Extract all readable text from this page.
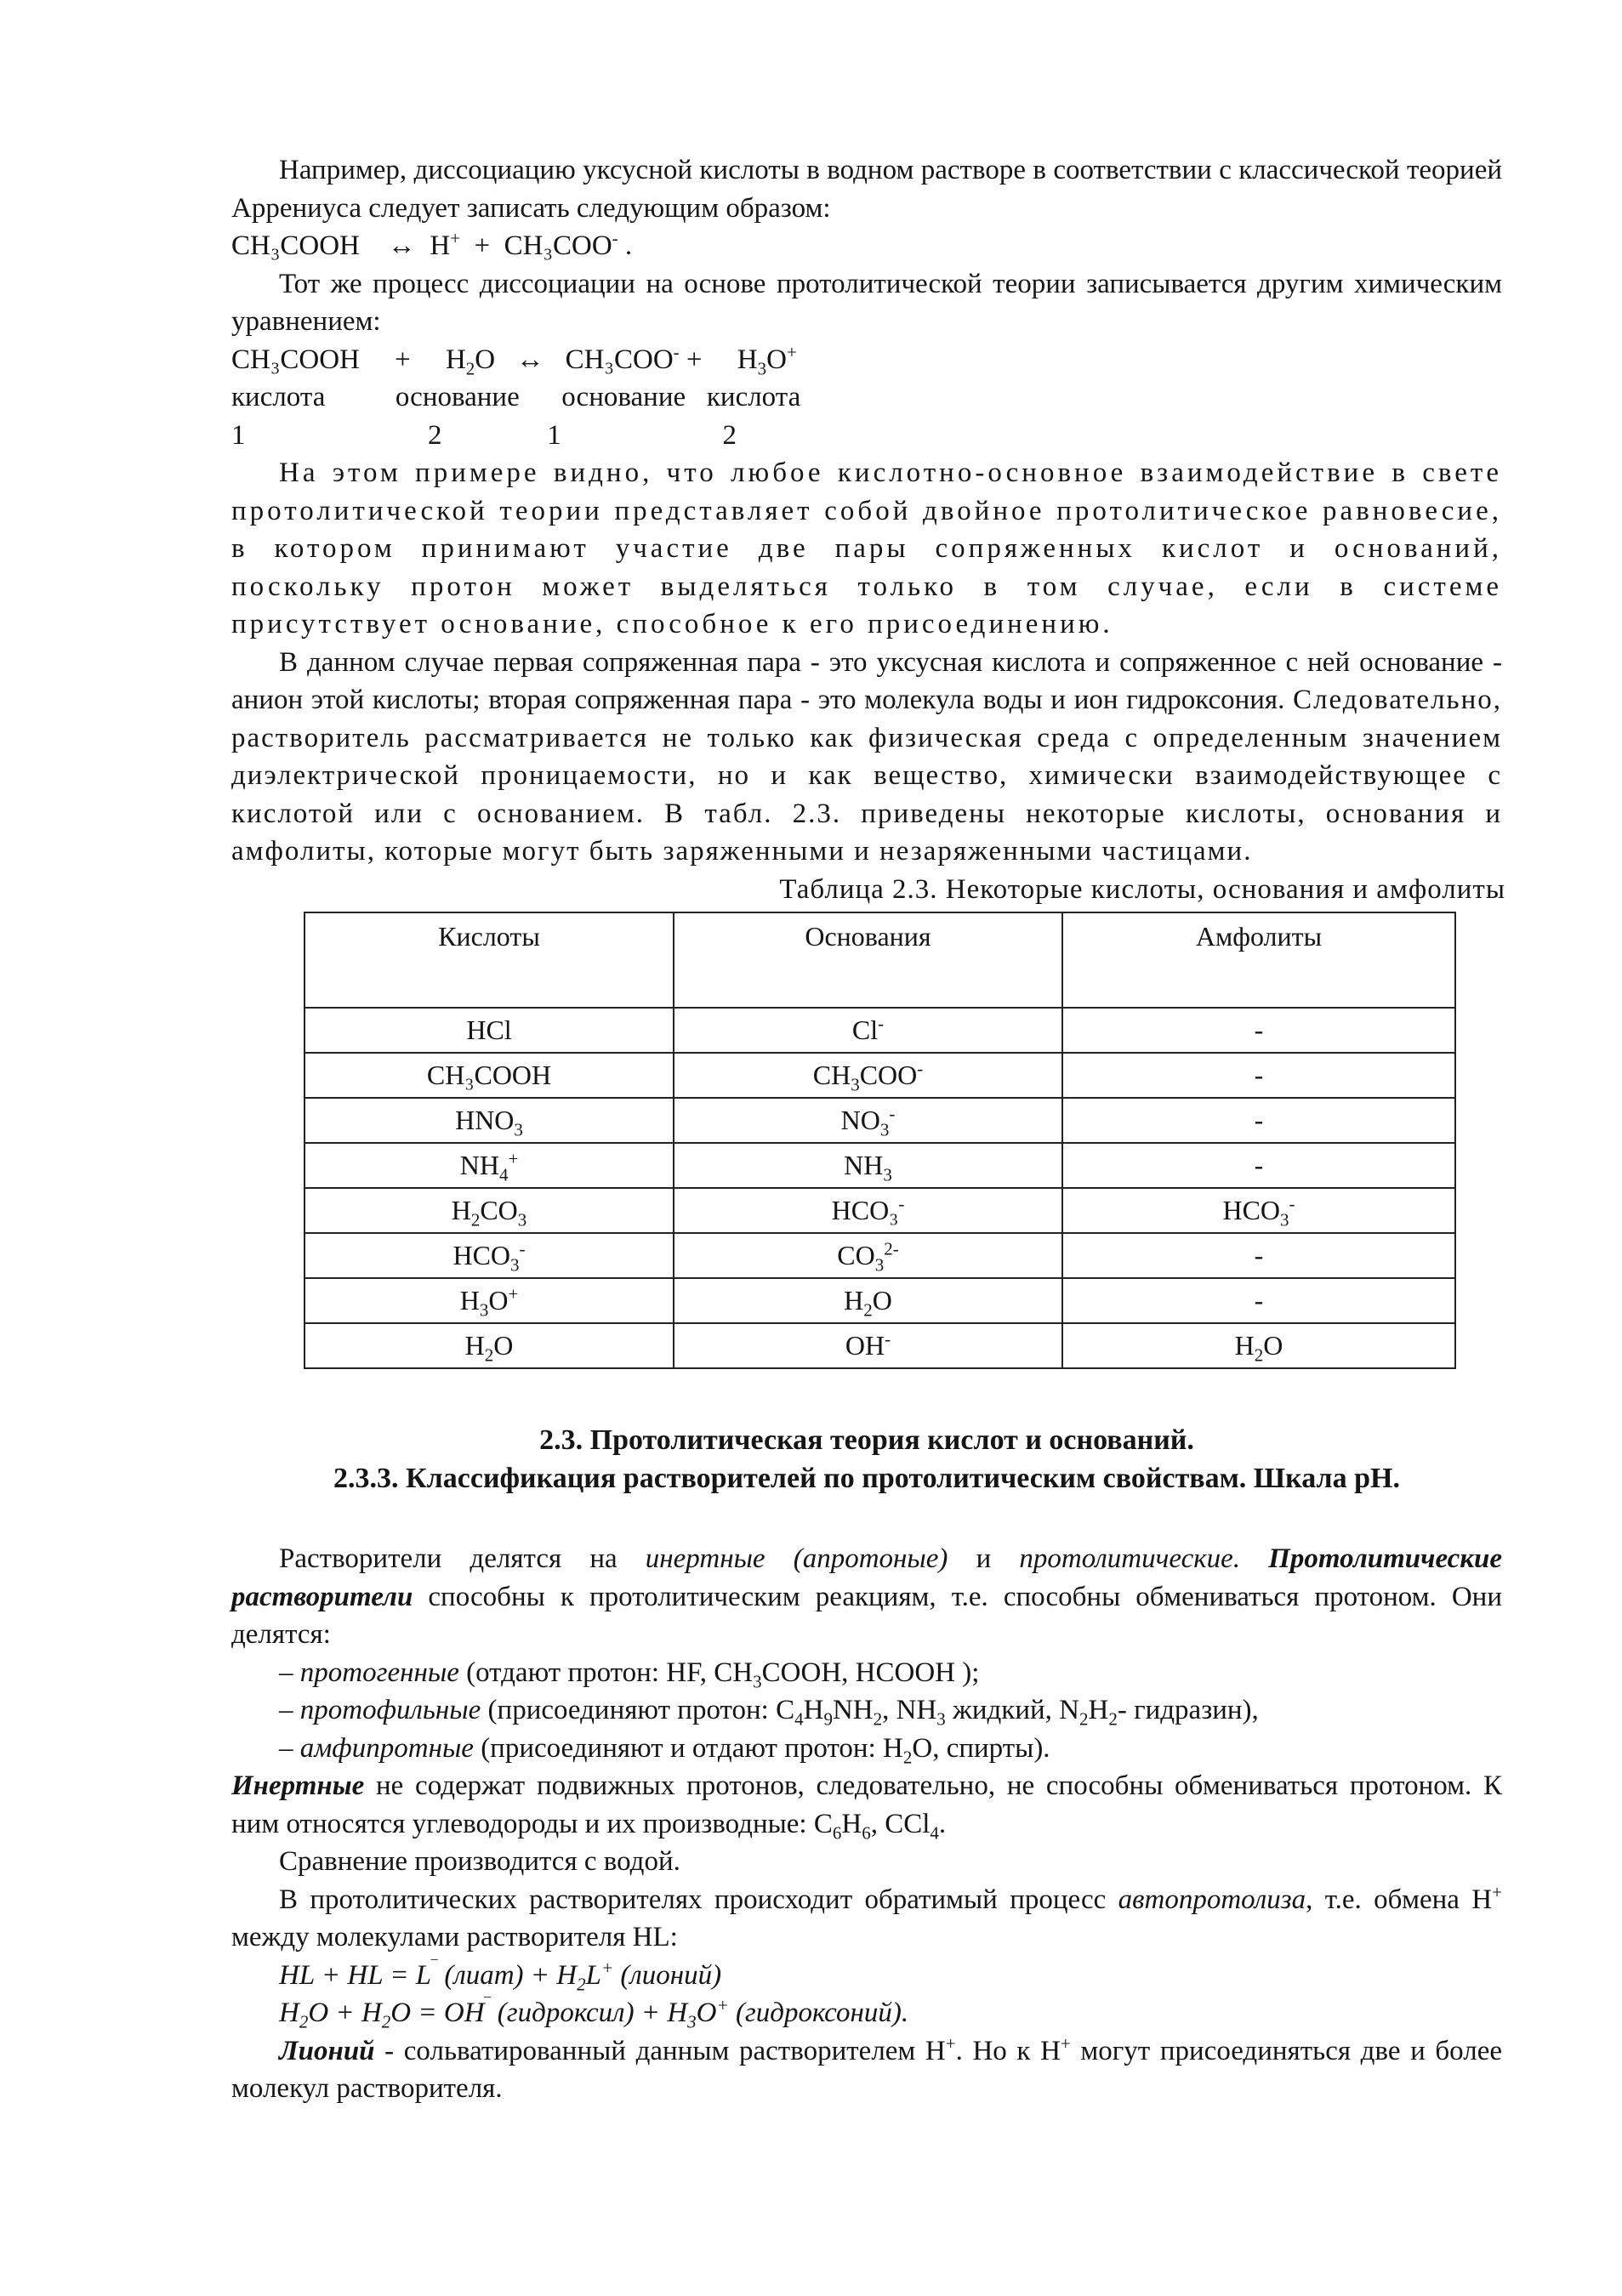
Например, диссоциацию уксусной кислоты в водном растворе в соответствии с классической теорией Аррениуса следует записать следующим образом:

CH₃COOH    ↔  H+  +  CH₃COO- .

Тот же процесс диссоциации на основе протолитической теории записывается другим химическим уравнением:

CH₃COOH     +     $H_2O$   ↔   CH₃COO- +     $H_3O^+$
кислота	основание основание кислота
1                          2               1                       2

На этом примере видно, что любое кислотно-основное взаимодействие в свете протолитической теории представляет собой двойное протолитическое равновесие, в котором принимают участие две пары сопряженных кислот и оснований, поскольку протон может выделяться только в том случае, если в системе присутствует основание, способное к его присоединению.

В данном случае первая сопряженная пара - это уксусная кислота и сопряженное с ней основание - анион этой кислоты; вторая сопряженная пара - это молекула воды и ион гидроксония. Следовательно, растворитель рассматривается не только как физическая среда с определенным значением диэлектрической проницаемости, но и как вещество, химически взаимодействующее с кислотой или с основанием. В табл. 2.3. приведены некоторые кислоты, основания и амфолиты, которые могут быть заряженными и незаряженными частицами.

Таблица 2.3. Некоторые кислоты, основания и амфолиты
Кислоты	Основания	Амфолиты
HCl	Cl-	-
CH₃COOH	$CH_3COO^-$	-
$HNO_3$	$NO_3^-$	-
$NH_4^+$	$NH_3$	-
$H_2CO_3$	HCO₃-	$HCO_3^-$
$HCO_3^-$	$CO_3^{2-}$	-
$H_3O^+$	$H_2O$	-
$H_2O$	OH-	$H_2O$
2.3. Протолитическая теория кислот и оснований.
2.3.3. Классификация растворителей по протолитическим свойствам. Шкала pH.

Растворители делятся на инертные (апротоные) и протолитические. Протолитические растворители способны к протолитическим реакциям, т.е. способны обмениваться протоном. Они делятся:

– протогенные (отдают протон: HF, $CH_3COOH$, HCOOH );
– протофильные (присоединяют протон: $C_4H_9NH_2$, $NH_3$ жидкий, $N_2H_2-$ гидразин),
– амфипротные (присоединяют и отдают протон: $H_2O$, спирты).

Инертные не содержат подвижных протонов, следовательно, не способны обмениваться протоном. К ним относятся углеводороды и их производные: $C_6H_6$, CCl$_4$.

Сравнение производится с водой.

В протолитических растворителях происходит обратимый процесс автопротолиза, т.е. обмена H+ между молекулами растворителя HL:

HL + HL = L‾ (лиат) + $H_2L^+$ (лионий)
$H_2O + H_2O = OH^‾$ (гидроксил) + $H_3O^+$ (гидроксоний).

Лионий - сольватированный данным растворителем H+. Но к H+ могут присоединяться две и более молекул растворителя.
